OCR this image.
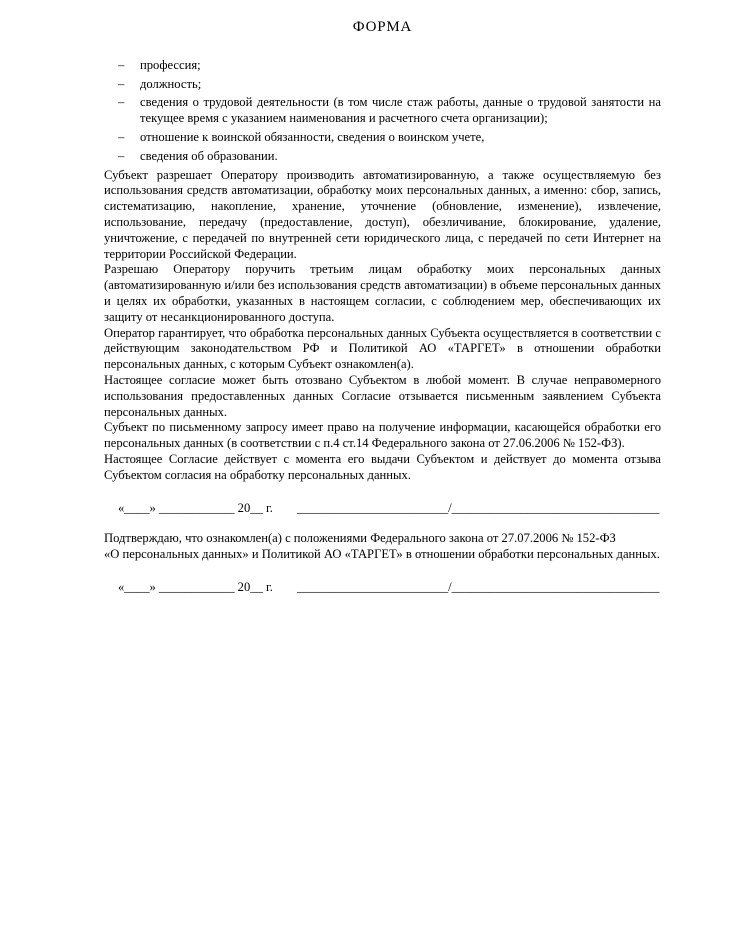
ФОРМА
– профессия;
– должность;
– сведения о трудовой деятельности (в том числе стаж работы, данные о трудовой занятости на текущее время с указанием наименования и расчетного счета организации);
– отношение к воинской обязанности, сведения о воинском учете,
– сведения об образовании.

Субъект разрешает Оператору производить автоматизированную, а также осуществляемую без использования средств автоматизации, обработку моих персональных данных, а именно: сбор, запись, систематизацию, накопление, хранение, уточнение (обновление, изменение), извлечение, использование, передачу (предоставление, доступ), обезличивание, блокирование, удаление, уничтожение, с передачей по внутренней сети юридического лица, с передачей по сети Интернет на территории Российской Федерации.

Разрешаю Оператору поручить третьим лицам обработку моих персональных данных (автоматизированную и/или без использования средств автоматизации) в объеме персональных данных и целях их обработки, указанных в настоящем согласии, с соблюдением мер, обеспечивающих их защиту от несанкционированного доступа.

Оператор гарантирует, что обработка персональных данных Субъекта осуществляется в соответствии с действующим законодательством РФ и Политикой АО «ТАРГЕТ» в отношении обработки персональных данных, с которым Субъект ознакомлен(а).

Настоящее согласие может быть отозвано Субъектом в любой момент. В случае неправомерного использования предоставленных данных Согласие отзывается письменным заявлением Субъекта персональных данных.

Субъект по письменному запросу имеет право на получение информации, касающейся обработки его персональных данных (в соответствии с п.4 ст.14 Федерального закона от 27.06.2006 № 152-ФЗ).

Настоящее Согласие действует с момента его выдачи Субъектом и действует до момента отзыва Субъектом согласия на обработку персональных данных.

«____» ____________ 20__ г.	________________________/_________________________________

Подтверждаю, что ознакомлен(а) с положениями Федерального закона от 27.07.2006 № 152-ФЗ
«О персональных данных» и Политикой АО «ТАРГЕТ» в отношении обработки персональных данных.

«____» ____________ 20__ г.	________________________/_________________________________
